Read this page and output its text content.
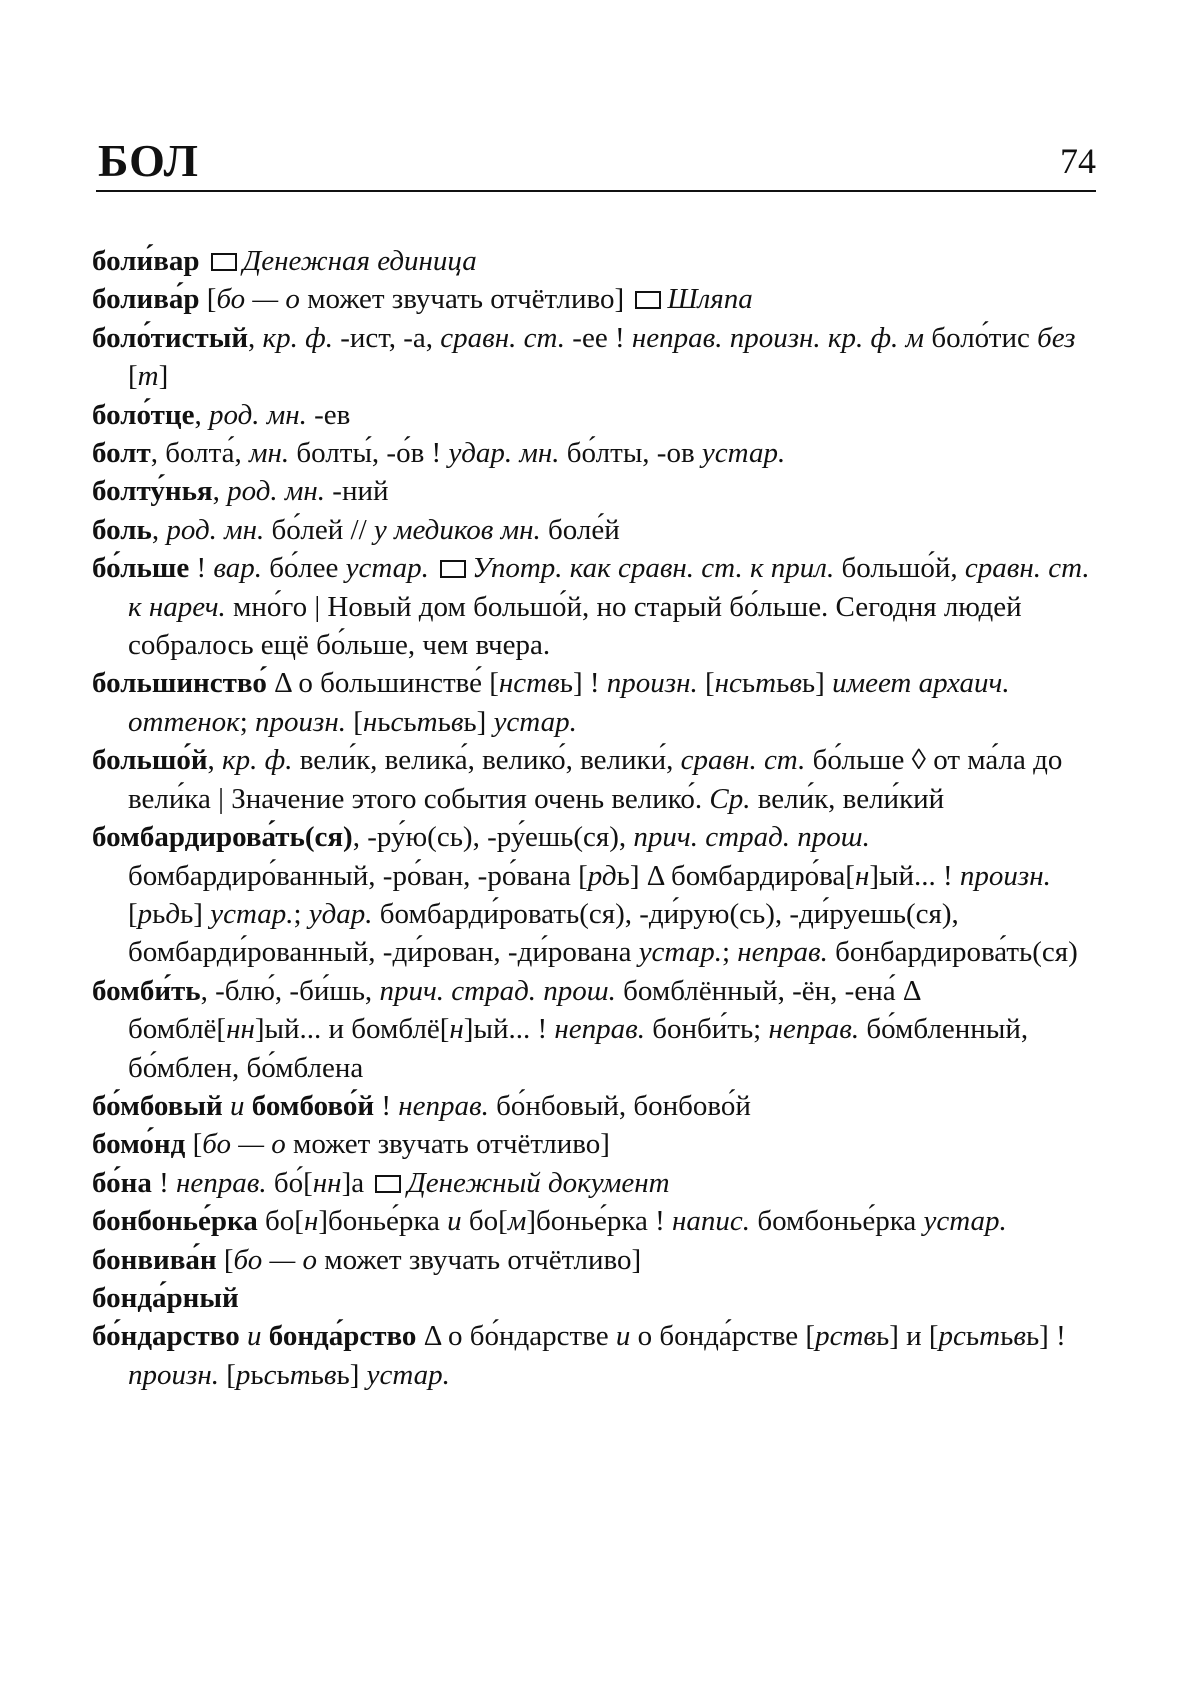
БОЛ	74
боли́вар Денежная единица
болива́р [бо — о может звучать отчётливо] Шляпа
боло́тистый, кр. ф. -ист, -а, сравн. ст. -ее ! неправ. произн. кр. ф. м боло́тис без [т]
боло́тце, род. мн. -ев
болт, болта́, мн. болты́, -о́в ! удар. мн. бо́лты, -ов устар.
болту́нья, род. мн. -ний
боль, род. мн. бо́лей // у медиков мн. боле́й
бо́льше ! вар. бо́лее устар. Употр. как сравн. ст. к прил. большо́й, сравн. ст. к нареч. мно́го | Новый дом большо́й, но старый бо́льше. Сегодня людей собралось ещё бо́льше, чем вчера.
большинство́ Δ о большинстве́ [нствь] ! произн. [нсьтьвь] имеет архаич. оттенок; произн. [ньсьтьвь] устар.
большо́й, кр. ф. вели́к, велика́, велико́, велики́, сравн. ст. бо́льше ◊ от ма́ла до вели́ка | Значение этого события очень велико́. Ср. вели́к, вели́кий
бомбардирова́ть(ся), -ру́ю(сь), -ру́ешь(ся), прич. страд. прош. бомбардиро́ванный, -ро́ван, -ро́вана [рдь] Δ бомбардиро́ва[н]ый... ! произн. [рьдь] устар.; удар. бомбарди́ровать(ся), -ди́рую(сь), -ди́руешь(ся), бомбарди́рованный, -ди́рован, -ди́рована устар.; неправ. бонбардирова́ть(ся)
бомби́ть, -блю́, -би́шь, прич. страд. прош. бомблённый, -ён, -ена́ Δ бомблё[нн]ый... и бомблё[н]ый... ! неправ. бонби́ть; неправ. бо́мбленный, бо́мблен, бо́мблена
бо́мбовый и бомбово́й ! неправ. бо́нбовый, бонбово́й
бомо́нд [бо — о может звучать отчётливо]
бо́на ! неправ. бо́[нн]а Денежный документ
бонбонье́рка бо[н]бонье́рка и бо[м]бонье́рка ! напис. бомбонье́рка устар.
бонвива́н [бо — о может звучать отчётливо]
бонда́рный
бо́ндарство и бонда́рство Δ о бо́ндарстве и о бонда́рстве [рствь] и [рсьтьвь] ! произн. [рьсьтьвь] устар.
